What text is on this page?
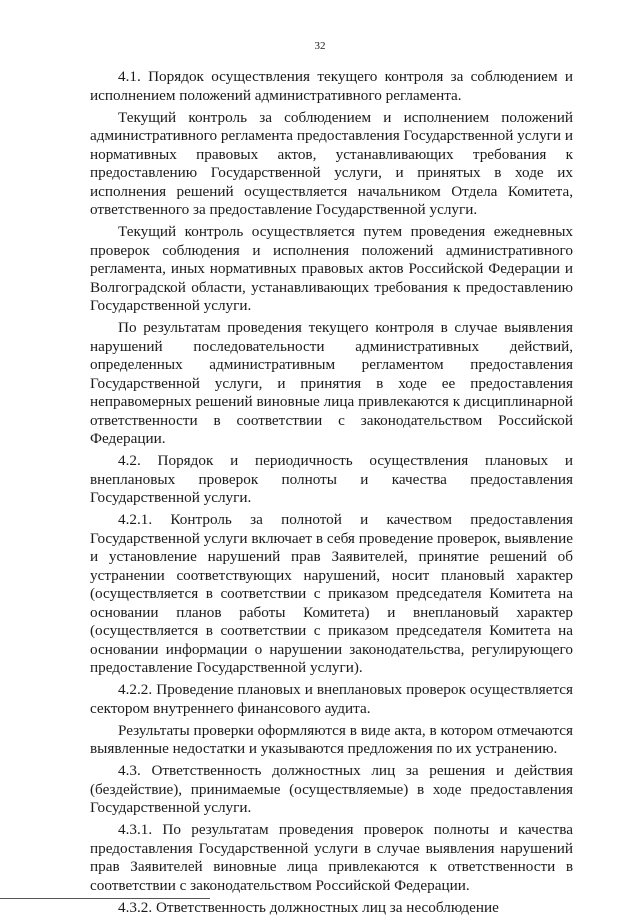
32

4.1. Порядок осуществления текущего контроля за соблюдением и исполнением положений административного регламента.

Текущий контроль за соблюдением и исполнением положений административного регламента предоставления Государственной услуги и нормативных правовых актов, устанавливающих требования к предоставлению Государственной услуги, и принятых в ходе их исполнения решений осуществляется начальником Отдела Комитета, ответственного за предоставление Государственной услуги.

Текущий контроль осуществляется путем проведения ежедневных проверок соблюдения и исполнения положений административного регламента, иных нормативных правовых актов Российской Федерации и Волгоградской области, устанавливающих требования к предоставлению Государственной услуги.

По результатам проведения текущего контроля в случае выявления нарушений последовательности административных действий, определенных административным регламентом предоставления Государственной услуги, и принятия в ходе ее предоставления неправомерных решений виновные лица привлекаются к дисциплинарной ответственности в соответствии с законодательством Российской Федерации.

4.2. Порядок и периодичность осуществления плановых и внеплановых проверок полноты и качества предоставления Государственной услуги.

4.2.1. Контроль за полнотой и качеством предоставления Государственной услуги включает в себя проведение проверок, выявление и установление нарушений прав Заявителей, принятие решений об устранении соответствующих нарушений, носит плановый характер (осуществляется в соответствии с приказом председателя Комитета на основании планов работы Комитета) и внеплановый характер (осуществляется в соответствии с приказом председателя Комитета на основании информации о нарушении законодательства, регулирующего предоставление Государственной услуги).

4.2.2. Проведение плановых и внеплановых проверок осуществляется сектором внутреннего финансового аудита.

Результаты проверки оформляются в виде акта, в котором отмечаются выявленные недостатки и указываются предложения по их устранению.

4.3. Ответственность должностных лиц за решения и действия (бездействие), принимаемые (осуществляемые) в ходе предоставления Государственной услуги.

4.3.1. По результатам проведения проверок полноты и качества предоставления Государственной услуги в случае выявления нарушений прав Заявителей виновные лица привлекаются к ответственности в соответствии с законодательством Российской Федерации.

4.3.2. Ответственность должностных лиц за несоблюдение
